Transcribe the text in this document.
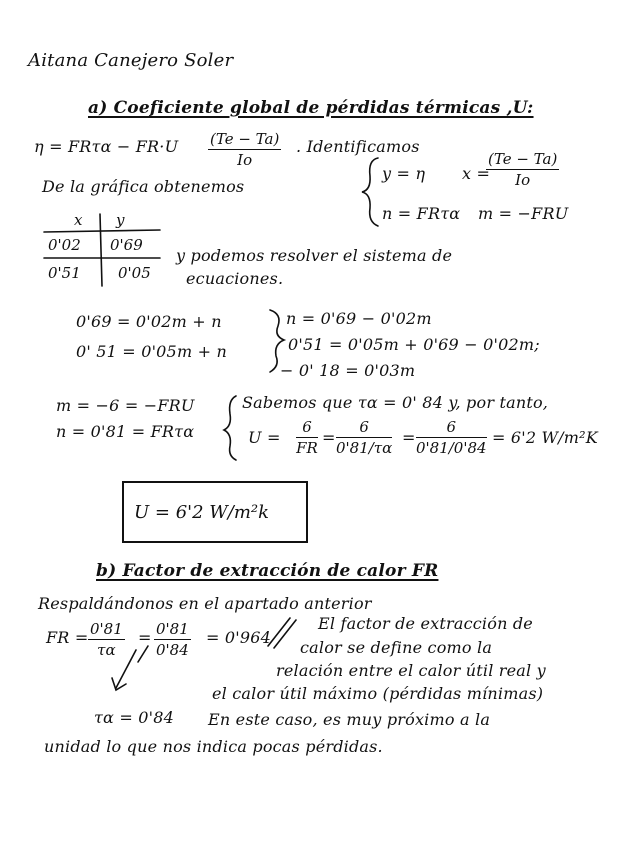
Aitana Canejero Soler
a) Coeficiente global de pérdidas térmicas ,U:
$\eta = FR\tau\alpha - FR\cdot U \frac{(Te - Ta)}{Io}$ . Identificamos
De la gráfica obtenemos
y = η x =
$\frac{(Te - Ta)}{Io}$
n = FRτα m = −FRU
x y
0'02 0'69
0'51 0'05
y podemos resolver el sistema de
ecuaciones.
0'69 = 0'02m + n
0' 51 = 0'05m + n
n = 0'69 − 0'02m
0'51 = 0'05m + 0'69 − 0'02m;
− 0' 18 = 0'03m
m = −6 = −FRU
n = 0'81 = FRτα
Sabemos que τα = 0' 84 y, por tanto,
$U = \frac{6}{FR} = \frac{6}{0'81/\tau\alpha} = \frac{6}{0'81/0'84} = 6'2$ W/m²K
U = 6'2 W/m²k
b) Factor de extracción de calor FR
Respaldándonos en el apartado anterior
FR = $\frac{0'81}{\tau\alpha} = \frac{0'81}{0'84} = 0'964$
τα = 0'84
El factor de extracción de
calor se define como la
relación entre el calor útil real y
el calor útil máximo (pérdidas mínimas)
En este caso, es muy próximo a la
unidad lo que nos indica pocas pérdidas.
